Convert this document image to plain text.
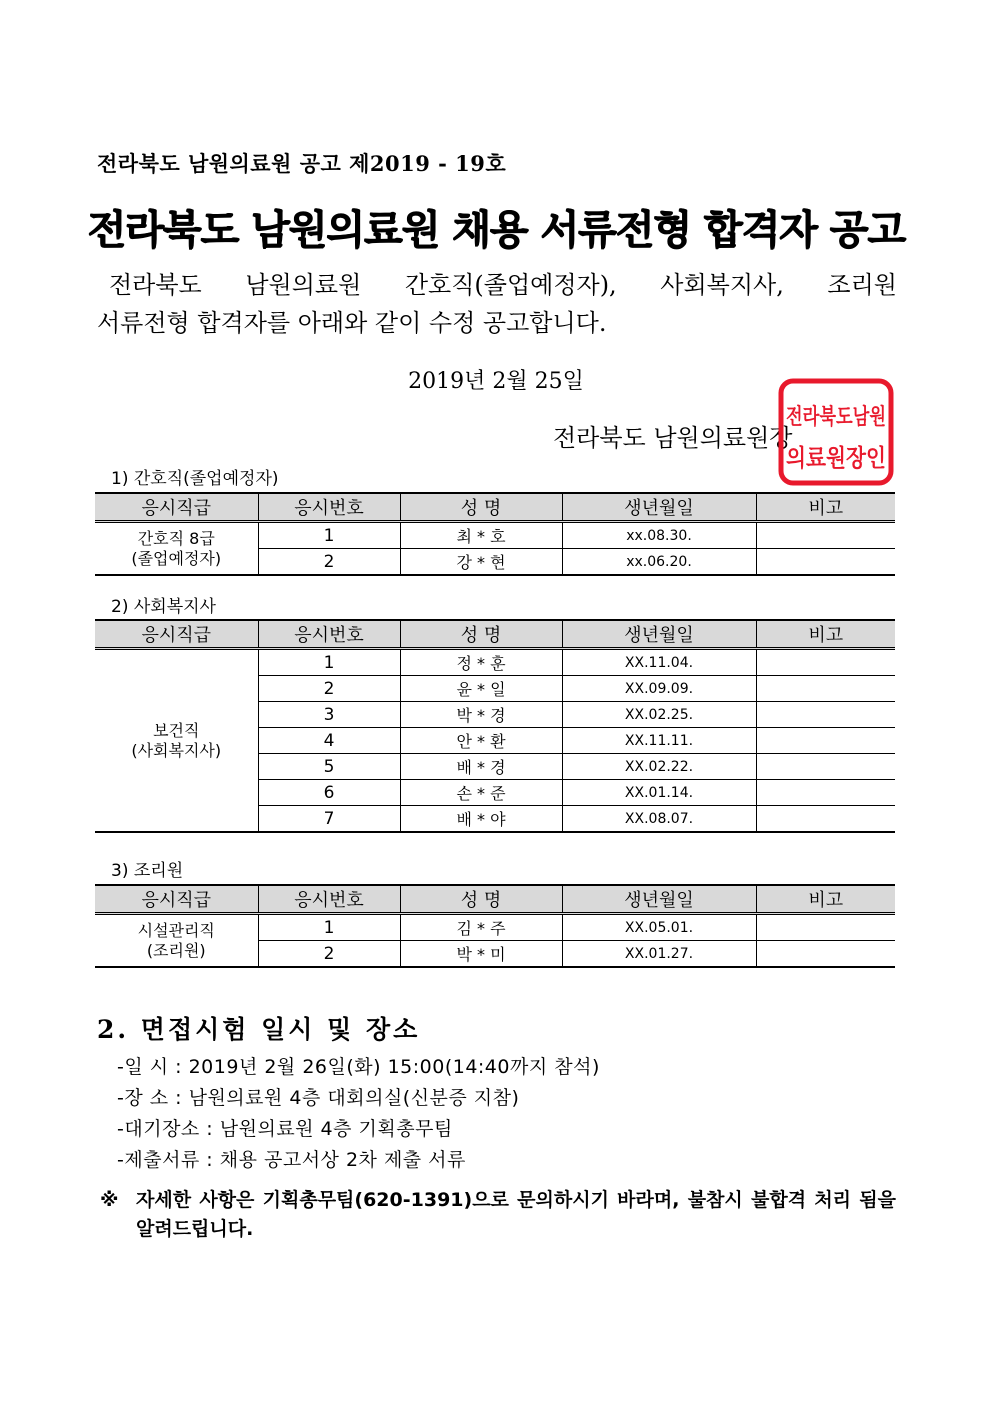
전라북도 남원의료원 공고 제2019 - 19호
전라북도 남원의료원 채용 서류전형 합격자 공고
전라북도 남원의료원 간호직(졸업예정자), 사회복지사, 조리원
서류전형 합격자를 아래와 같이 수정 공고합니다.
2019년 2월 25일
전라북도 남원의료원장
전라북도남원
의료원장인
1) 간호직(졸업예정자)
응시직급	응시번호	성 명	생년월일	비고
간호직 8급
(졸업예정자)	1	최 * 호	xx.08.30.	
	2	강 * 현	xx.06.20.	
2) 사회복지사
응시직급	응시번호	성 명	생년월일	비고
보건직
(사회복지사)	1	정 * 훈	XX.11.04.	
	2	윤 * 일	XX.09.09.	
	3	박 * 경	XX.02.25.	
	4	안 * 환	XX.11.11.	
	5	배 * 경	XX.02.22.	
	6	손 * 준	XX.01.14.	
	7	배 * 야	XX.08.07.	
3) 조리원
응시직급	응시번호	성 명	생년월일	비고
시설관리직
(조리원)	1	김 * 주	XX.05.01.	
	2	박 * 미	XX.01.27.	
2. 면접시험 일시 및 장소
-일 시 : 2019년 2월 26일(화) 15:00(14:40까지 참석)
-장 소 : 남원의료원 4층 대회의실(신분증 지참)
-대기장소 : 남원의료원 4층 기획총무팀
-제출서류 : 채용 공고서상 2차 제출 서류
※ 자세한 사항은 기획총무팀(620-1391)으로 문의하시기 바라며, 불참시 불합격 처리 됨을 알려드립니다.
